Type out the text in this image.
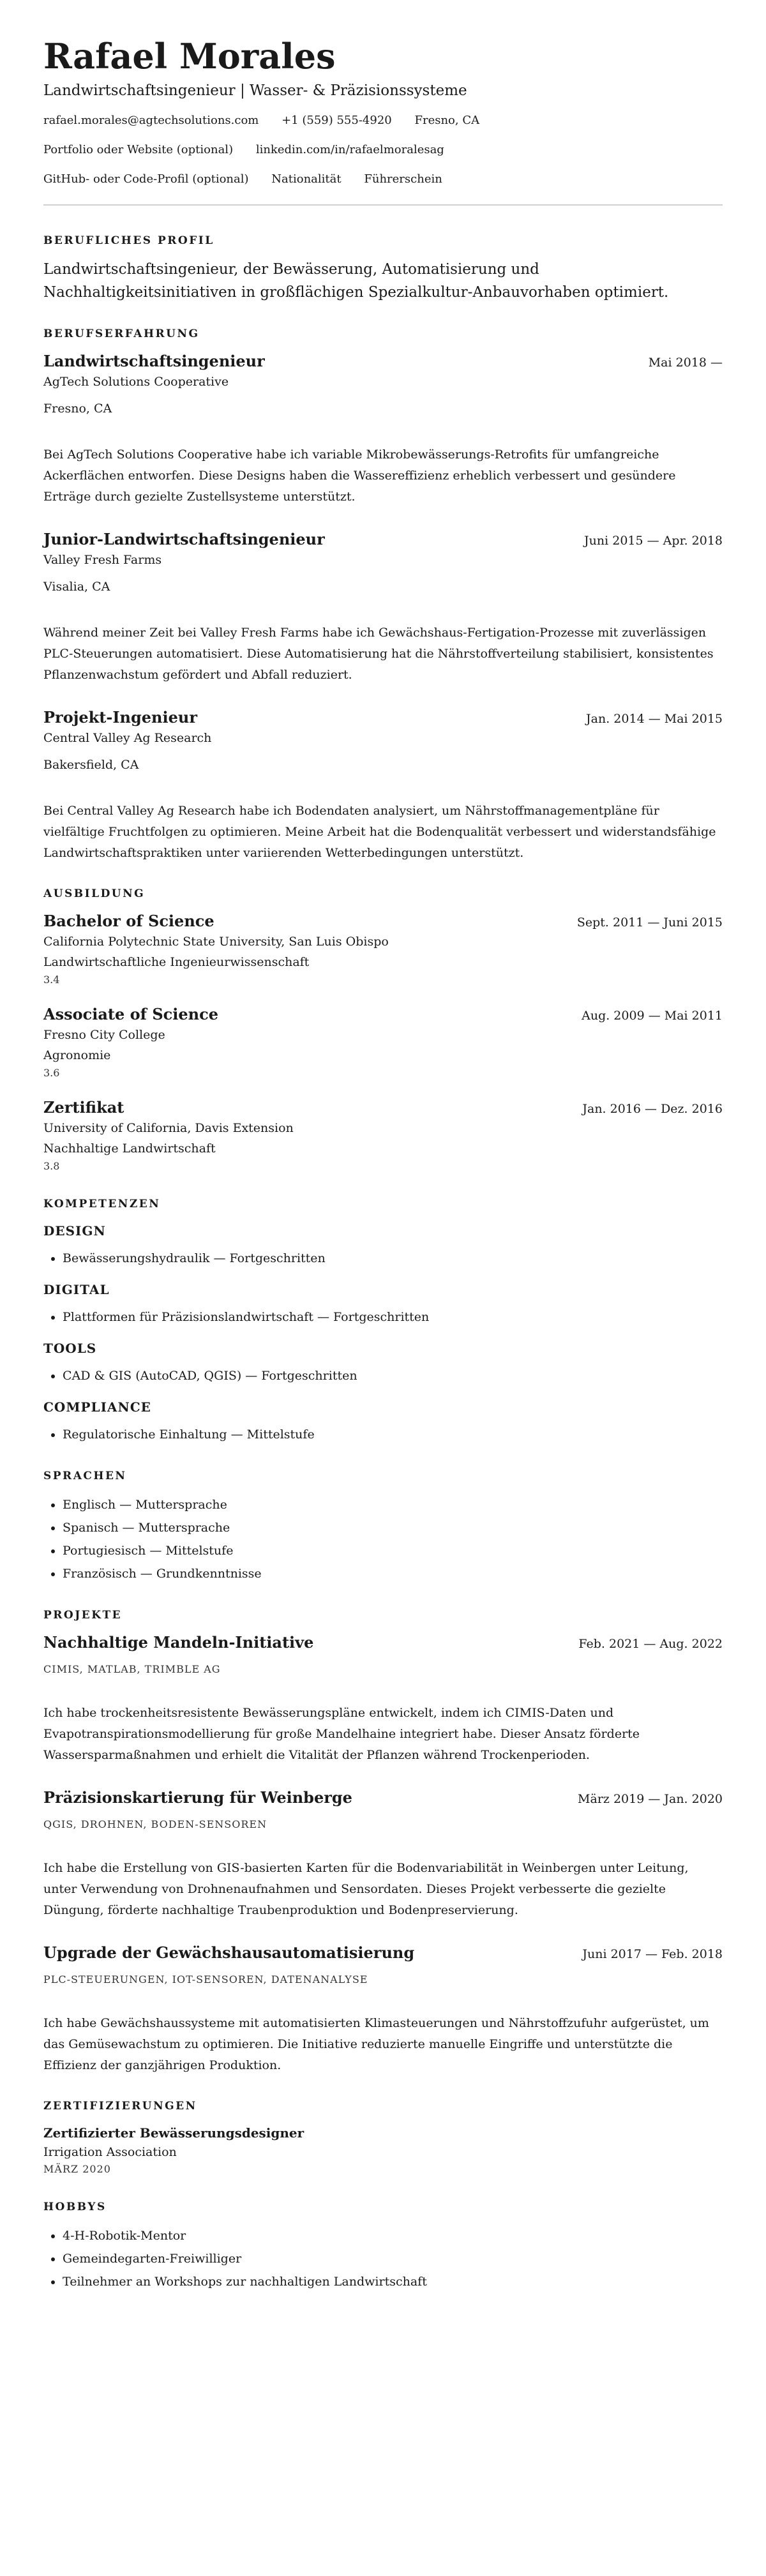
Rafael Morales
Landwirtschaftsingenieur | Wasser- & Präzisionssysteme
rafael.morales@agtechsolutions.com +1 (559) 555-4920 Fresno, CA
Portfolio oder Website (optional) linkedin.com/in/rafaelmoralesag
GitHub- oder Code-Profil (optional) Nationalität Führerschein
BERUFLICHES PROFIL

Landwirtschaftsingenieur, der Bewässerung, Automatisierung und Nachhaltigkeitsinitiativen in großflächigen Spezialkultur-Anbauvorhaben optimiert.

BERUFSERFAHRUNG
Landwirtschaftsingenieur	Mai 2018 —
AgTech Solutions Cooperative
Fresno, CA

Bei AgTech Solutions Cooperative habe ich variable Mikrobewässerungs-Retrofits für umfangreiche Ackerflächen entworfen. Diese Designs haben die Wassereffizienz erheblich verbessert und gesündere Erträge durch gezielte Zustellsysteme unterstützt.

Junior-Landwirtschaftsingenieur	Juni 2015 — Apr. 2018
Valley Fresh Farms
Visalia, CA

Während meiner Zeit bei Valley Fresh Farms habe ich Gewächshaus-Fertigation-Prozesse mit zuverlässigen PLC-Steuerungen automatisiert. Diese Automatisierung hat die Nährstoffverteilung stabilisiert, konsistentes Pflanzenwachstum gefördert und Abfall reduziert.

Projekt-Ingenieur	Jan. 2014 — Mai 2015
Central Valley Ag Research
Bakersfield, CA

Bei Central Valley Ag Research habe ich Bodendaten analysiert, um Nährstoffmanagementpläne für vielfältige Fruchtfolgen zu optimieren. Meine Arbeit hat die Bodenqualität verbessert und widerstandsfähige Landwirtschaftspraktiken unter variierenden Wetterbedingungen unterstützt.

AUSBILDUNG
Bachelor of Science	Sept. 2011 — Juni 2015
California Polytechnic State University, San Luis Obispo
Landwirtschaftliche Ingenieurwissenschaft
3.4
Associate of Science	Aug. 2009 — Mai 2011
Fresno City College
Agronomie
3.6
Zertifikat	Jan. 2016 — Dez. 2016
University of California, Davis Extension
Nachhaltige Landwirtschaft
3.8
KOMPETENZEN
DESIGN
• Bewässerungshydraulik — Fortgeschritten
DIGITAL
• Plattformen für Präzisionslandwirtschaft — Fortgeschritten
TOOLS
• CAD & GIS (AutoCAD, QGIS) — Fortgeschritten
COMPLIANCE
• Regulatorische Einhaltung — Mittelstufe
SPRACHEN
• Englisch — Muttersprache
• Spanisch — Muttersprache
• Portugiesisch — Mittelstufe
• Französisch — Grundkenntnisse
PROJEKTE
Nachhaltige Mandeln-Initiative	Feb. 2021 — Aug. 2022
CIMIS, MATLAB, TRIMBLE AG

Ich habe trockenheitsresistente Bewässerungspläne entwickelt, indem ich CIMIS-Daten und Evapotranspirationsmodellierung für große Mandelhaine integriert habe. Dieser Ansatz förderte Wassersparmaßnahmen und erhielt die Vitalität der Pflanzen während Trockenperioden.

Präzisionskartierung für Weinberge	März 2019 — Jan. 2020
QGIS, DROHNEN, BODEN-SENSOREN

Ich habe die Erstellung von GIS-basierten Karten für die Bodenvariabilität in Weinbergen unter Leitung, unter Verwendung von Drohnenaufnahmen und Sensordaten. Dieses Projekt verbesserte die gezielte Düngung, förderte nachhaltige Traubenproduktion und Bodenpreservierung.

Upgrade der Gewächshausautomatisierung	Juni 2017 — Feb. 2018
PLC-STEUERUNGEN, IOT-SENSOREN, DATENANALYSE

Ich habe Gewächshaussysteme mit automatisierten Klimasteuerungen und Nährstoffzufuhr aufgerüstet, um das Gemüsewachstum zu optimieren. Die Initiative reduzierte manuelle Eingriffe und unterstützte die Effizienz der ganzjährigen Produktion.

ZERTIFIZIERUNGEN
Zertifizierter Bewässerungsdesigner
Irrigation Association
MÄRZ 2020
HOBBYS
• 4-H-Robotik-Mentor
• Gemeindegarten-Freiwilliger
• Teilnehmer an Workshops zur nachhaltigen Landwirtschaft
